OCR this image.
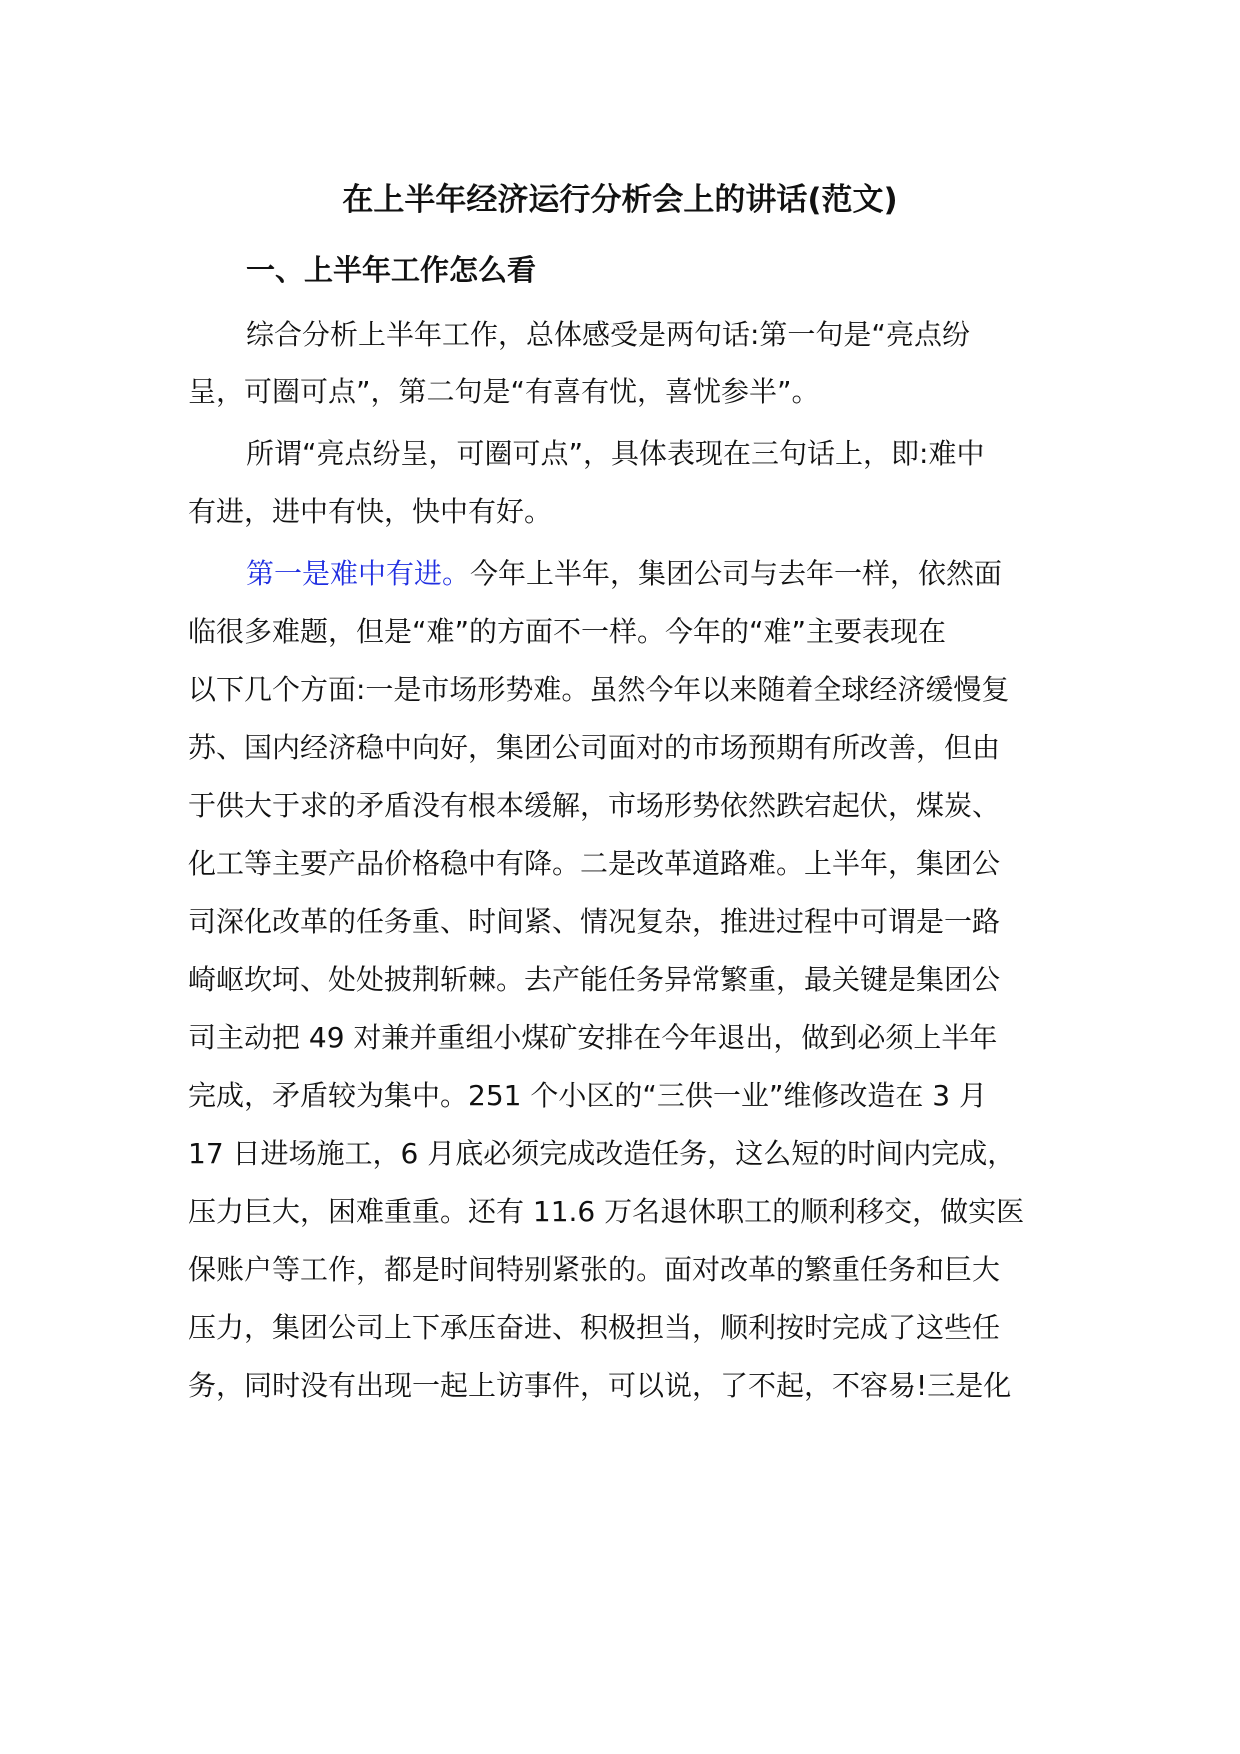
在上半年经济运行分析会上的讲话(范文)
一、上半年工作怎么看
综合分析上半年工作，总体感受是两句话:第一句是“亮点纷
呈，可圈可点”，第二句是“有喜有忧，喜忧参半”。
所谓“亮点纷呈，可圈可点”，具体表现在三句话上，即:难中
有进，进中有快，快中有好。
第一是难中有进。今年上半年，集团公司与去年一样，依然面
临很多难题，但是“难”的方面不一样。今年的“难”主要表现在
以下几个方面:一是市场形势难。虽然今年以来随着全球经济缓慢复
苏、国内经济稳中向好，集团公司面对的市场预期有所改善，但由
于供大于求的矛盾没有根本缓解，市场形势依然跌宕起伏，煤炭、
化工等主要产品价格稳中有降。二是改革道路难。上半年，集团公
司深化改革的任务重、时间紧、情况复杂，推进过程中可谓是一路
崎岖坎坷、处处披荆斩棘。去产能任务异常繁重，最关键是集团公
司主动把 49 对兼并重组小煤矿安排在今年退出，做到必须上半年
完成，矛盾较为集中。251 个小区的“三供一业”维修改造在 3 月
17 日进场施工，6 月底必须完成改造任务，这么短的时间内完成，
压力巨大，困难重重。还有 11.6 万名退休职工的顺利移交，做实医
保账户等工作，都是时间特别紧张的。面对改革的繁重任务和巨大
压力，集团公司上下承压奋进、积极担当，顺利按时完成了这些任
务，同时没有出现一起上访事件，可以说，了不起，不容易!三是化
